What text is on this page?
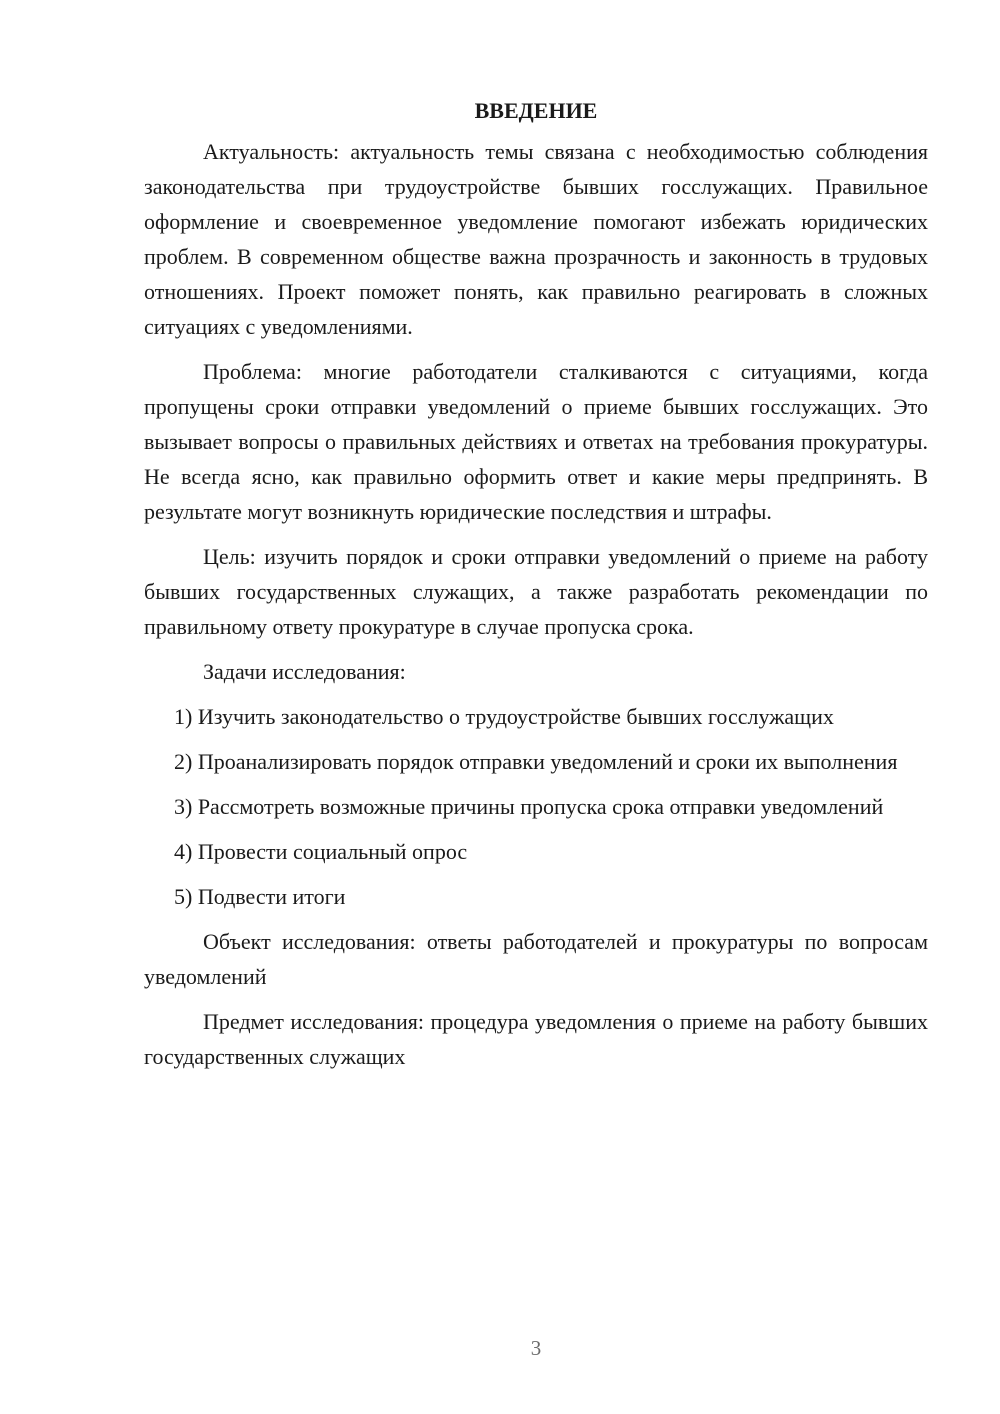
ВВЕДЕНИЕ

Актуальность: актуальность темы связана с необходимостью соблюдения законодательства при трудоустройстве бывших госслужащих. Правильное оформление и своевременное уведомление помогают избежать юридических проблем. В современном обществе важна прозрачность и законность в трудовых отношениях. Проект поможет понять, как правильно реагировать в сложных ситуациях с уведомлениями.

Проблема: многие работодатели сталкиваются с ситуациями, когда пропущены сроки отправки уведомлений о приеме бывших госслужащих. Это вызывает вопросы о правильных действиях и ответах на требования прокуратуры. Не всегда ясно, как правильно оформить ответ и какие меры предпринять. В результате могут возникнуть юридические последствия и штрафы.

Цель: изучить порядок и сроки отправки уведомлений о приеме на работу бывших государственных служащих, а также разработать рекомендации по правильному ответу прокуратуре в случае пропуска срока.

Задачи исследования:

1) Изучить законодательство о трудоустройстве бывших госслужащих

2) Проанализировать порядок отправки уведомлений и сроки их выполнения

3) Рассмотреть возможные причины пропуска срока отправки уведомлений

4) Провести социальный опрос

5) Подвести итоги

Объект исследования: ответы работодателей и прокуратуры по вопросам уведомлений

Предмет исследования: процедура уведомления о приеме на работу бывших государственных служащих

3
